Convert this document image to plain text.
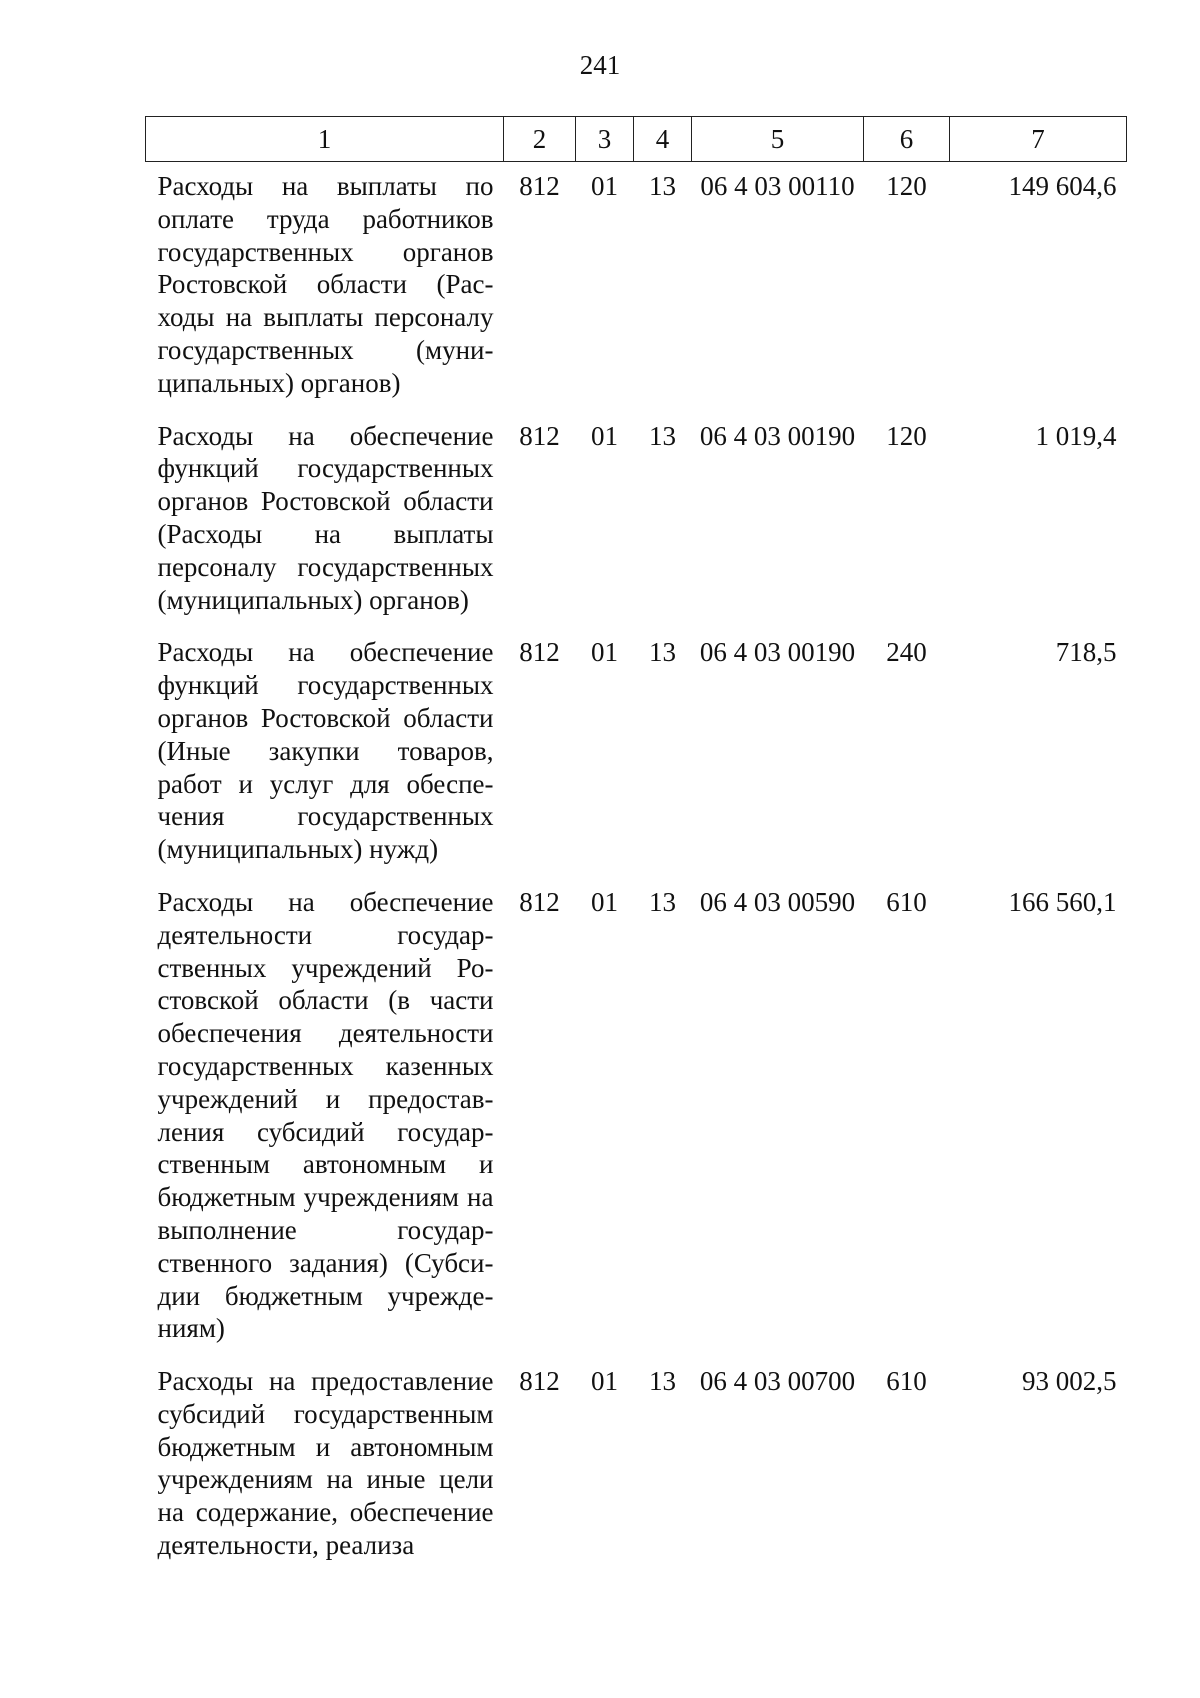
241
1	2	3	4	5	6	7
Расходы на выплаты по оплате труда работников государственных органов Ростовской области (Расходы на выплаты персоналу государственных (муниципальных) органов)	812	01	13	06 4 03 00110	120	149 604,6
Расходы на обеспечение функций государственных органов Ростовской области (Расходы на выплаты персоналу государственных (муниципальных) органов)	812	01	13	06 4 03 00190	120	1 019,4
Расходы на обеспечение функций государственных органов Ростовской области (Иные закупки товаров, работ и услуг для обеспечения государственных (муниципальных) нужд)	812	01	13	06 4 03 00190	240	718,5
Расходы на обеспечение деятельности государственных учреждений Ростовской области (в части обеспечения деятельности государственных казенных учреждений и предоставления субсидий государственным автономным и бюджетным учреждениям на выполнение государственного задания) (Субсидии бюджетным учреждениям)	812	01	13	06 4 03 00590	610	166 560,1
Расходы на предоставление субсидий государственным бюджетным и автономным учреждениям на иные цели на содержание, обеспечение деятельности, реализа	812	01	13	06 4 03 00700	610	93 002,5
